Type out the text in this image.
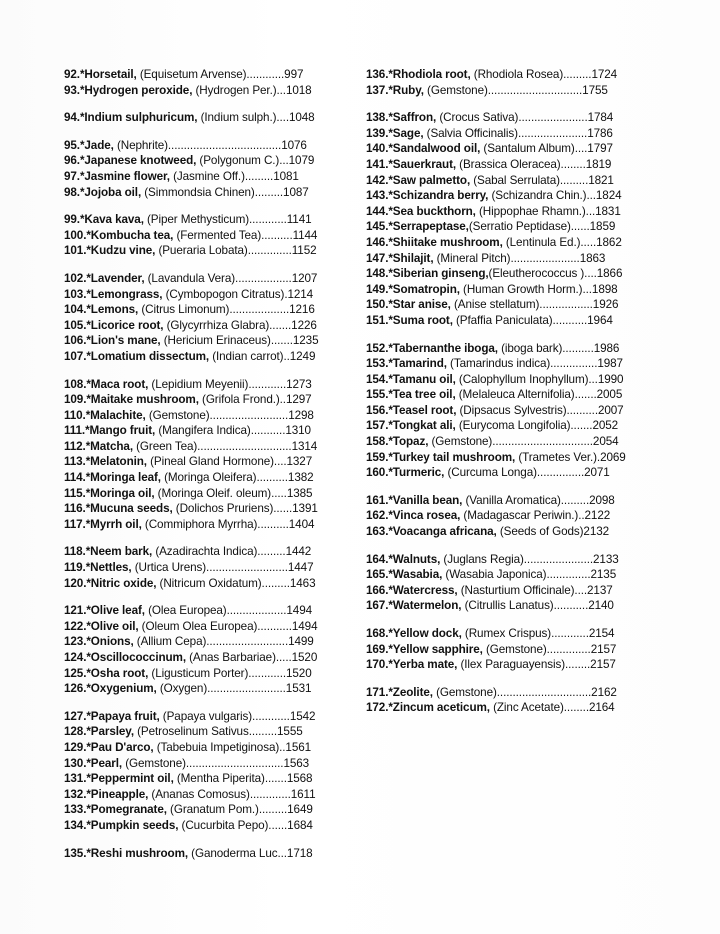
92.*Horsetail, (Equisetum Arvense)............997
93.*Hydrogen peroxide, (Hydrogen Per.)...1018
94.*Indium sulphuricum, (Indium sulph.)....1048
95.*Jade, (Nephrite)....................................1076
96.*Japanese knotweed, (Polygonum C.)...1079
97.*Jasmine flower, (Jasmine Off.).........1081
98.*Jojoba oil, (Simmondsia Chinen).........1087
99.*Kava kava, (Piper Methysticum)............1141
100.*Kombucha tea, (Fermented Tea)..........1144
101.*Kudzu vine, (Pueraria Lobata)..............1152
102.*Lavender, (Lavandula Vera)..................1207
103.*Lemongrass, (Cymbopogon Citratus).1214
104.*Lemons, (Citrus Limonum)...................1216
105.*Licorice root, (Glycyrrhiza Glabra).......1226
106.*Lion's mane, (Hericium Erinaceus).......1235
107.*Lomatium dissectum, (Indian carrot)..1249
108.*Maca root, (Lepidium Meyenii)............1273
109.*Maitake mushroom, (Grifola Frond.)..1297
110.*Malachite, (Gemstone).........................1298
111.*Mango fruit, (Mangifera Indica)...........1310
112.*Matcha, (Green Tea)..............................1314
113.*Melatonin, (Pineal Gland Hormone)....1327
114.*Moringa leaf, (Moringa Oleifera)..........1382
115.*Moringa oil, (Moringa Oleif. oleum).....1385
116.*Mucuna seeds, (Dolichos Pruriens)......1391
117.*Myrrh oil, (Commiphora Myrrha)..........1404
118.*Neem bark, (Azadirachta Indica).........1442
119.*Nettles, (Urtica Urens)..........................1447
120.*Nitric oxide, (Nitricum Oxidatum).........1463
121.*Olive leaf, (Olea Europea)...................1494
122.*Olive oil, (Oleum Olea Europea)...........1494
123.*Onions, (Allium Cepa)..........................1499
124.*Oscillococcinum, (Anas Barbariae).....1520
125.*Osha root, (Ligusticum Porter)............1520
126.*Oxygenium, (Oxygen).........................1531
127.*Papaya fruit, (Papaya vulgaris)............1542
128.*Parsley, (Petroselinum Sativus.........1555
129.*Pau D'arco, (Tabebuia Impetiginosa)..1561
130.*Pearl, (Gemstone)...............................1563
131.*Peppermint oil, (Mentha Piperita).......1568
132.*Pineapple, (Ananas Comosus).............1611
133.*Pomegranate, (Granatum Pom.).........1649
134.*Pumpkin seeds, (Cucurbita Pepo)......1684
135.*Reshi mushroom, (Ganoderma Luc...1718
136.*Rhodiola root, (Rhodiola Rosea).........1724
137.*Ruby, (Gemstone)..............................1755
138.*Saffron, (Crocus Sativa)......................1784
139.*Sage, (Salvia Officinalis)......................1786
140.*Sandalwood oil, (Santalum Album)....1797
141.*Sauerkraut, (Brassica Oleracea)........1819
142.*Saw palmetto, (Sabal Serrulata).........1821
143.*Schizandra berry, (Schizandra Chin.)...1824
144.*Sea buckthorn, (Hippophae Rhamn.)...1831
145.*Serrapeptase,(Serratio Peptidase)......1859
146.*Shiitake mushroom, (Lentinula Ed.).....1862
147.*Shilajit, (Mineral Pitch)......................1863
148.*Siberian ginseng,(Eleutherococcus )....1866
149.*Somatropin, (Human Growth Horm.)...1898
150.*Star anise, (Anise stellatum).................1926
151.*Suma root, (Pfaffia Paniculata)...........1964
152.*Tabernanthe iboga, (iboga bark)..........1986
153.*Tamarind, (Tamarindus indica)...............1987
154.*Tamanu oil, (Calophyllum Inophyllum)...1990
155.*Tea tree oil, (Melaleuca Alternifolia).......2005
156.*Teasel root, (Dipsacus Sylvestris)..........2007
157.*Tongkat ali, (Eurycoma Longifolia).......2052
158.*Topaz, (Gemstone)................................2054
159.*Turkey tail mushroom, (Trametes Ver.).2069
160.*Turmeric, (Curcuma Longa)...............2071
161.*Vanilla bean, (Vanilla Aromatica).........2098
162.*Vinca rosea, (Madagascar Periwin.)..2122
163.*Voacanga africana, (Seeds of Gods)2132
164.*Walnuts, (Juglans Regia)......................2133
165.*Wasabia, (Wasabia Japonica)..............2135
166.*Watercress, (Nasturtium Officinale)....2137
167.*Watermelon, (Citrullis Lanatus)...........2140
168.*Yellow dock, (Rumex Crispus)............2154
169.*Yellow sapphire, (Gemstone)..............2157
170.*Yerba mate, (Ilex Paraguayensis)........2157
171.*Zeolite, (Gemstone)..............................2162
172.*Zincum aceticum, (Zinc Acetate)........2164
